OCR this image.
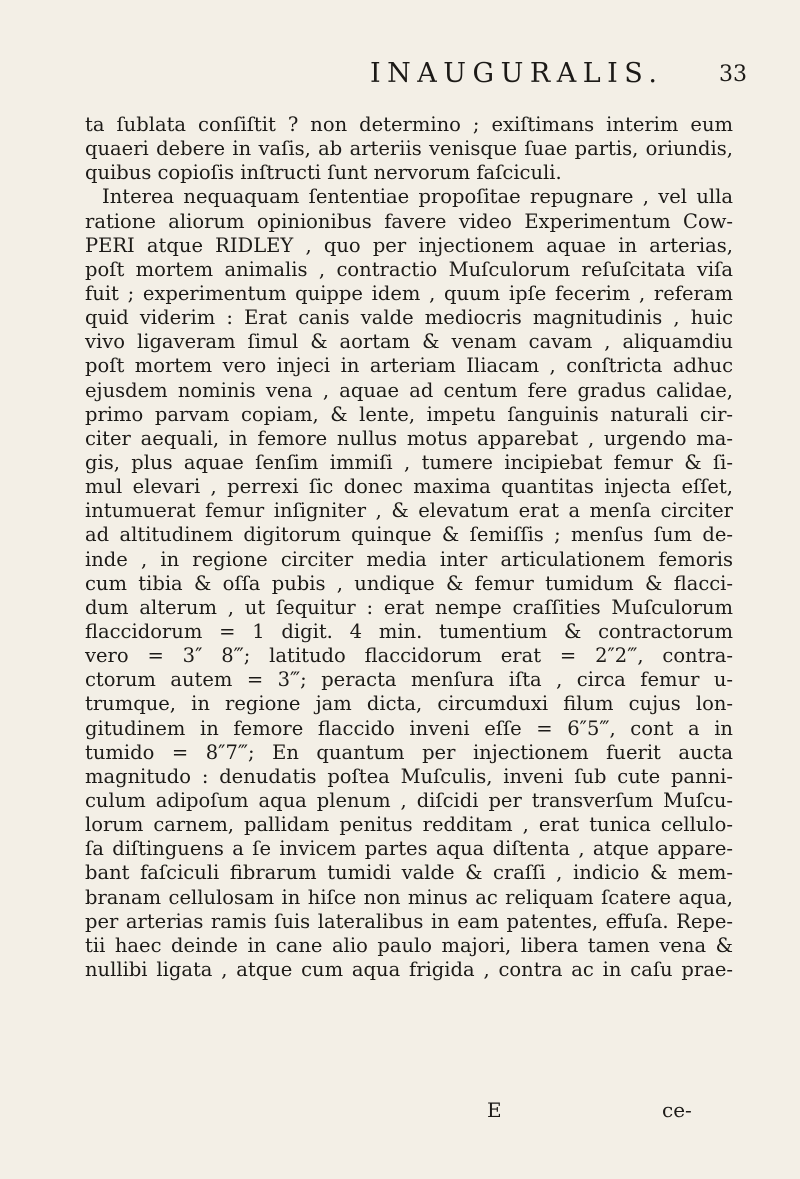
INAUGURALIS.	33
ta ſublata conſiſtit ? non determino ; exiſtimans interim eum
quaeri debere in vaſis, ab arteriis venisque ſuae partis, oriundis,
quibus copioſis inſtructi ſunt nervorum faſciculi.
Interea nequaquam ſententiae propoſitae repugnare , vel ulla
ratione aliorum opinionibus favere video Experimentum Cow-
PERI atque RIDLEY , quo per injectionem aquae in arterias,
poſt mortem animalis , contractio Muſculorum reſuſcitata viſa
fuit ; experimentum quippe idem , quum ipſe fecerim , referam
quid viderim : Erat canis valde mediocris magnitudinis , huic
vivo ligaveram ſimul & aortam & venam cavam , aliquamdiu
poſt mortem vero injeci in arteriam Iliacam , conſtricta adhuc
ejusdem nominis vena , aquae ad centum fere gradus calidae,
primo parvam copiam, & lente, impetu ſanguinis naturali cir-
citer aequali, in femore nullus motus apparebat , urgendo ma-
gis, plus aquae ſenſim immiſi , tumere incipiebat femur & ſi-
mul elevari , perrexi ſic donec maxima quantitas injecta eſſet,
intumuerat femur inſigniter , & elevatum erat a menſa circiter
ad altitudinem digitorum quinque & ſemiſſis ; menſus ſum de-
inde , in regione circiter media inter articulationem femoris
cum tibia & oſſa pubis , undique & femur tumidum & flacci-
dum alterum , ut ſequitur : erat nempe craſſities Muſculorum
flaccidorum = 1 digit. 4 min. tumentium & contractorum
vero = 3″ 8‴; latitudo flaccidorum erat = 2″2‴, contra-
ctorum autem = 3‴; peracta menſura iſta , circa femur u-
trumque, in regione jam dicta, circumduxi filum cujus lon-
gitudinem in femore flaccido inveni eſſe = 6″5‴, cont a in
tumido = 8″7‴; En quantum per injectionem fuerit aucta
magnitudo : denudatis poſtea Muſculis, inveni ſub cute panni-
culum adipoſum aqua plenum , diſcidi per transverſum Muſcu-
lorum carnem, pallidam penitus redditam , erat tunica cellulo-
ſa diſtinguens a ſe invicem partes aqua diſtenta , atque appare-
bant faſciculi fibrarum tumidi valde & craſſi , indicio & mem-
branam cellulosam in hiſce non minus ac reliquam ſcatere aqua,
per arterias ramis ſuis lateralibus in eam patentes, effuſa. Repe-
tii haec deinde in cane alio paulo majori, libera tamen vena &
nullibi ligata , atque cum aqua frigida , contra ac in caſu prae-
E	ce-
